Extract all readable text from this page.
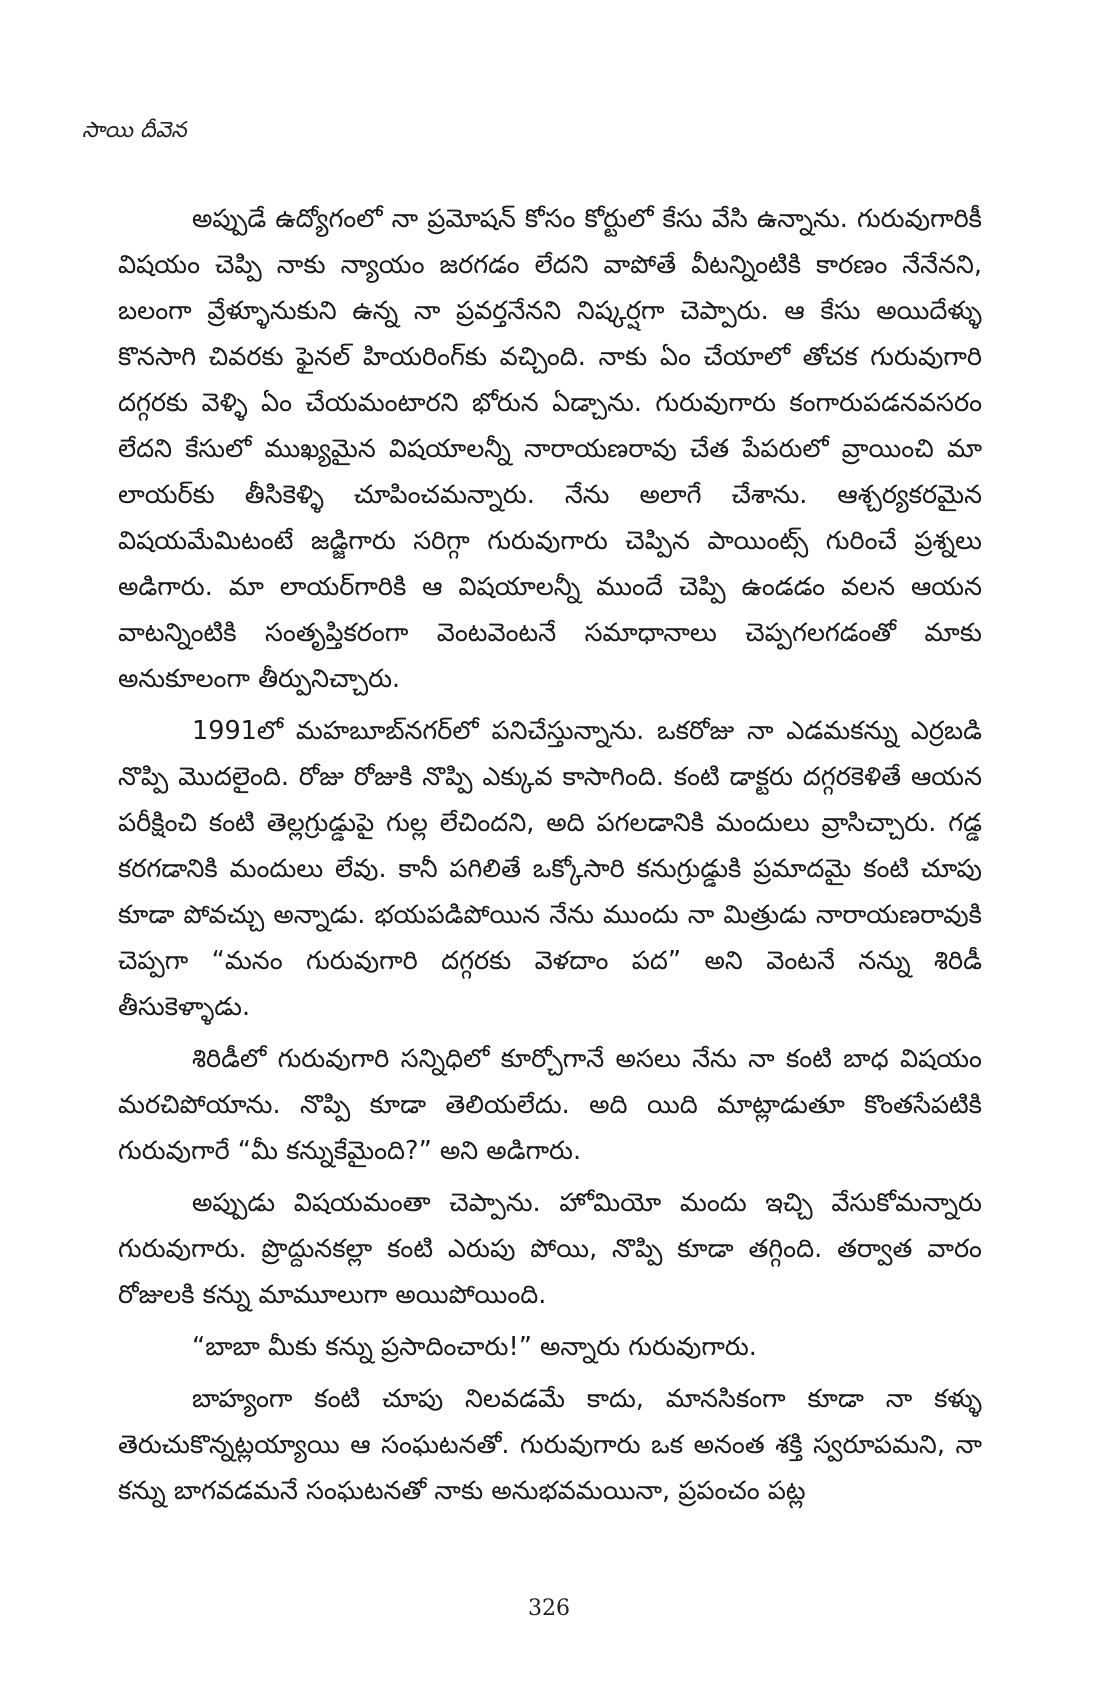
సాయి దీవెన

అప్పుడే ఉద్యోగంలో నా ప్రమోషన్ కోసం కోర్టులో కేసు వేసి ఉన్నాను. గురువుగారికీ విషయం చెప్పి నాకు న్యాయం జరగడం లేదని వాపోతే వీటన్నింటికి కారణం నేనేనని, బలంగా వ్రేళ్ళూనుకుని ఉన్న నా ప్రవర్తనేనని నిష్కర్షగా చెప్పారు. ఆ కేసు అయిదేళ్ళు కొనసాగి చివరకు ఫైనల్ హియరింగ్‌కు వచ్చింది. నాకు ఏం చేయాలో తోచక గురువుగారి దగ్గరకు వెళ్ళి ఏం చేయమంటారని భోరున ఏడ్చాను. గురువుగారు కంగారుపడనవసరం లేదని కేసులో ముఖ్యమైన విషయాలన్నీ నారాయణరావు చేత పేపరులో వ్రాయించి మా లాయర్‌కు తీసికెళ్ళి చూపించమన్నారు. నేను అలాగే చేశాను. ఆశ్చర్యకరమైన విషయమేమిటంటే జడ్జిగారు సరిగ్గా గురువుగారు చెప్పిన పాయింట్స్ గురించే ప్రశ్నలు అడిగారు. మా లాయర్‌గారికి ఆ విషయాలన్నీ ముందే చెప్పి ఉండడం వలన ఆయన వాటన్నింటికి సంతృప్తికరంగా వెంటవెంటనే సమాధానాలు చెప్పగలగడంతో మాకు అనుకూలంగా తీర్పునిచ్చారు.

1991లో మహబూబ్‌నగర్‌లో పనిచేస్తున్నాను. ఒకరోజు నా ఎడమకన్ను ఎర్రబడి నొప్పి మొదలైంది. రోజు రోజుకి నొప్పి ఎక్కువ కాసాగింది. కంటి డాక్టరు దగ్గరకెళితే ఆయన పరీక్షించి కంటి తెల్లగ్రుడ్డుపై గుల్ల లేచిందని, అది పగలడానికి మందులు వ్రాసిచ్చారు. గడ్డ కరగడానికి మందులు లేవు. కానీ పగిలితే ఒక్కోసారి కనుగ్రుడ్డుకి ప్రమాదమై కంటి చూపు కూడా పోవచ్చు అన్నాడు. భయపడిపోయిన నేను ముందు నా మిత్రుడు నారాయణరావుకి చెప్పగా “మనం గురువుగారి దగ్గరకు వెళదాం పద” అని వెంటనే నన్ను శిరిడీ తీసుకెళ్ళాడు.

శిరిడీలో గురువుగారి సన్నిధిలో కూర్చోగానే అసలు నేను నా కంటి బాధ విషయం మరచిపోయాను. నొప్పి కూడా తెలియలేదు. అది యిది మాట్లాడుతూ కొంతసేపటికి గురువుగారే “మీ కన్నుకేమైంది?” అని అడిగారు.

అప్పుడు విషయమంతా చెప్పాను. హోమియో మందు ఇచ్చి వేసుకోమన్నారు గురువుగారు. ప్రొద్దునకల్లా కంటి ఎరుపు పోయి, నొప్పి కూడా తగ్గింది. తర్వాత వారం రోజులకి కన్ను మామూలుగా అయిపోయింది.

“బాబా మీకు కన్ను ప్రసాదించారు!” అన్నారు గురువుగారు.

బాహ్యంగా కంటి చూపు నిలవడమే కాదు, మానసికంగా కూడా నా కళ్ళు తెరుచుకొన్నట్లయ్యాయి ఆ సంఘటనతో. గురువుగారు ఒక అనంత శక్తి స్వరూపమని, నా కన్ను బాగవడమనే సంఘటనతో నాకు అనుభవమయినా, ప్రపంచం పట్ల

326
